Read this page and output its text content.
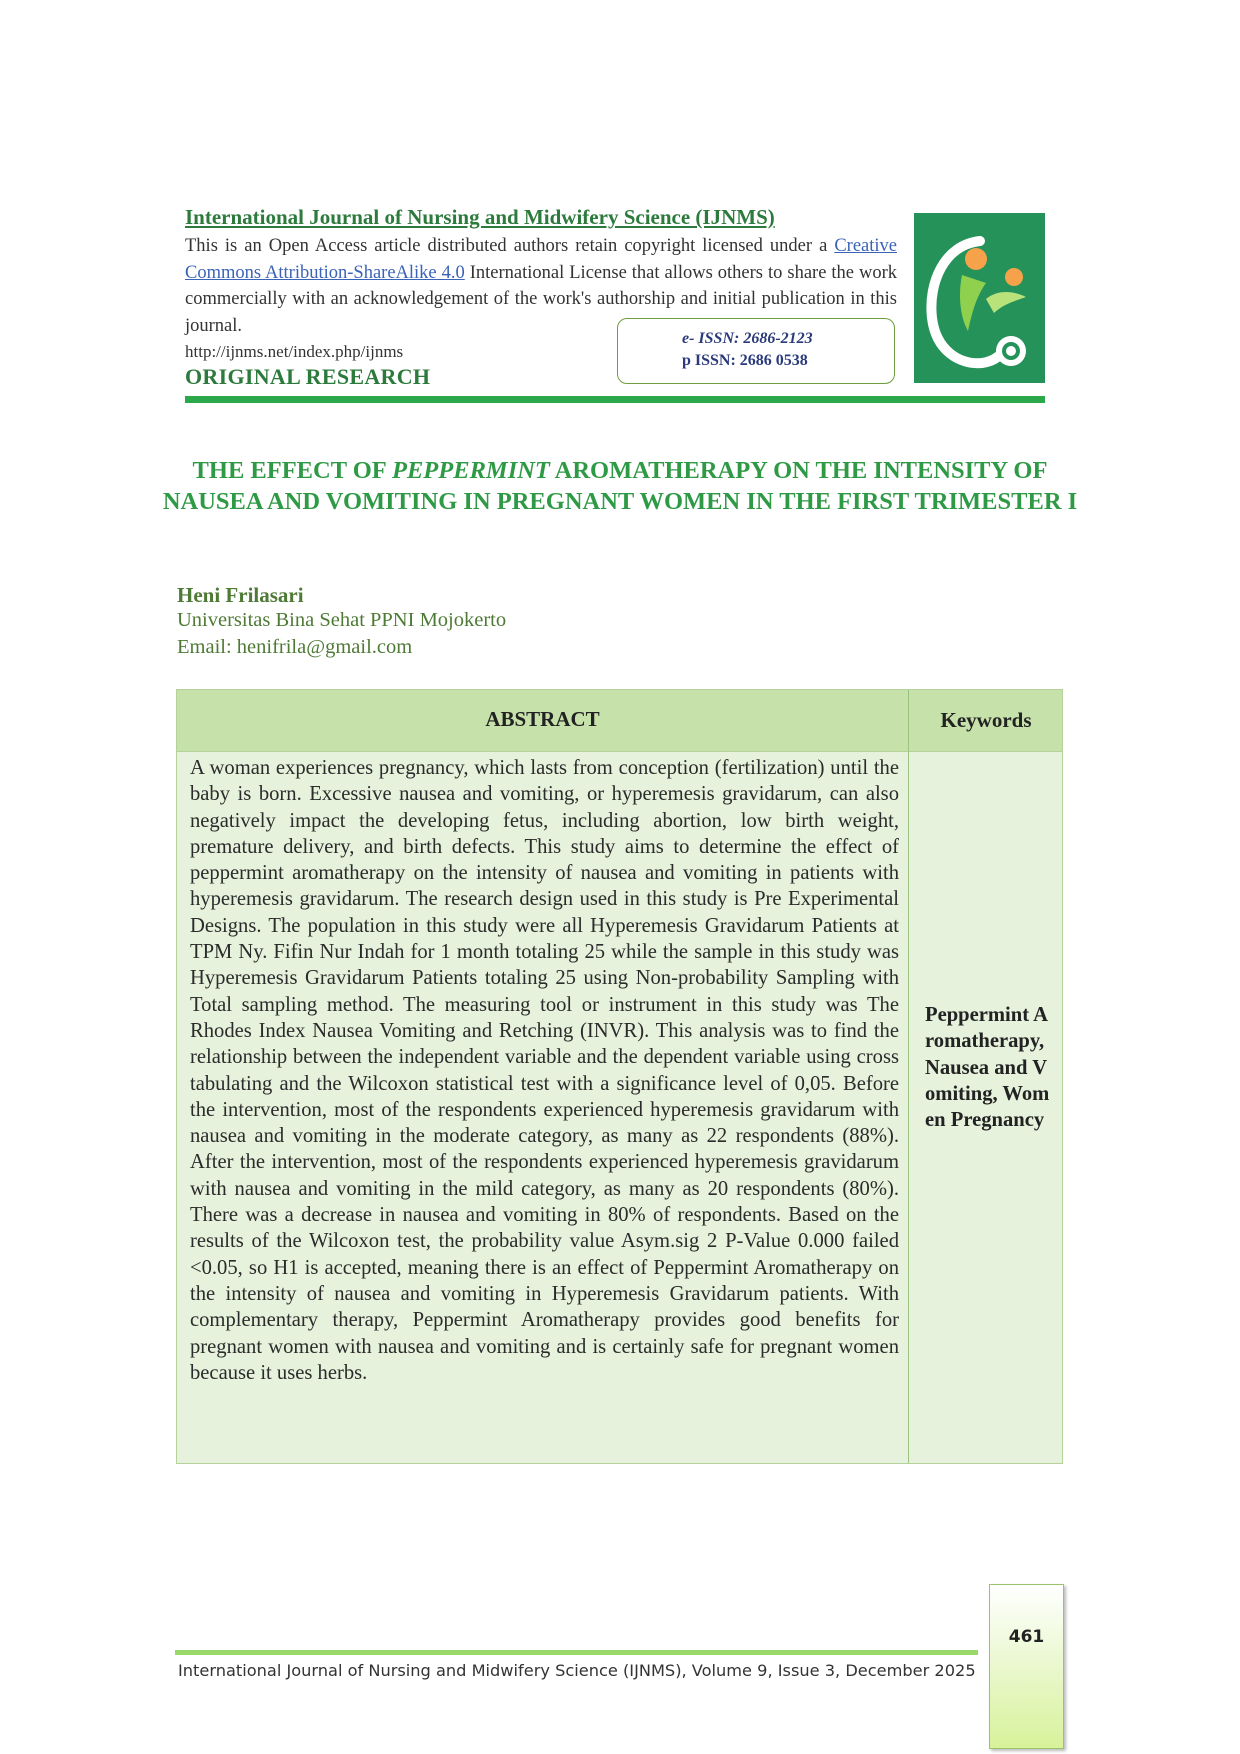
International Journal of Nursing and Midwifery Science (IJNMS)
This is an Open Access article distributed authors retain copyright licensed under a Creative Commons Attribution-ShareAlike 4.0 International License that allows others to share the work commercially with an acknowledgement of the work's authorship and initial publication in this journal.
http://ijnms.net/index.php/ijnms
ORIGINAL RESEARCH
e- ISSN: 2686-2123
p ISSN: 2686 0538
THE EFFECT OF PEPPERMINT AROMATHERAPY ON THE INTENSITY OF NAUSEA AND VOMITING IN PREGNANT WOMEN IN THE FIRST TRIMESTER I
Heni Frilasari
Universitas Bina Sehat PPNI Mojokerto
Email: henifrila@gmail.com
ABSTRACT	Keywords
A woman experiences pregnancy, which lasts from conception (fertilization) until the baby is born. Excessive nausea and vomiting, or hyperemesis gravidarum, can also negatively impact the developing fetus, including abortion, low birth weight, premature delivery, and birth defects. This study aims to determine the effect of peppermint aromatherapy on the intensity of nausea and vomiting in patients with hyperemesis gravidarum. The research design used in this study is Pre Experimental Designs. The population in this study were all Hyperemesis Gravidarum Patients at TPM Ny. Fifin Nur Indah for 1 month totaling 25 while the sample in this study was Hyperemesis Gravidarum Patients totaling 25 using Non-probability Sampling with Total sampling method. The measuring tool or instrument in this study was The Rhodes Index Nausea Vomiting and Retching (INVR). This analysis was to find the relationship between the independent variable and the dependent variable using cross tabulating and the Wilcoxon statistical test with a significance level of 0,05. Before the intervention, most of the respondents experienced hyperemesis gravidarum with nausea and vomiting in the moderate category, as many as 22 respondents (88%). After the intervention, most of the respondents experienced hyperemesis gravidarum with nausea and vomiting in the mild category, as many as 20 respondents (80%). There was a decrease in nausea and vomiting in 80% of respondents. Based on the results of the Wilcoxon test, the probability value Asym.sig 2 P-Value 0.000 failed <0.05, so H1 is accepted, meaning there is an effect of Peppermint Aromatherapy on the intensity of nausea and vomiting in Hyperemesis Gravidarum patients. With complementary therapy, Peppermint Aromatherapy provides good benefits for pregnant women with nausea and vomiting and is certainly safe for pregnant women because it uses herbs.
Peppermint Aromatherapy, Nausea and Vomiting, Women Pregnancy
International Journal of Nursing and Midwifery Science (IJNMS), Volume 9, Issue 3, December 2025
461
